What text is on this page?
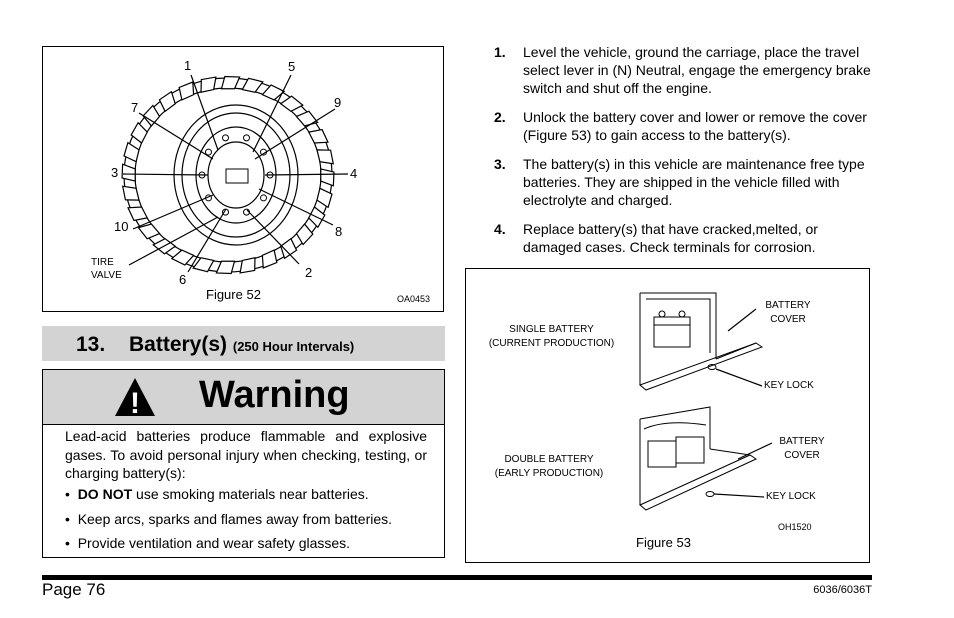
1	5
9
7
3	4
10	8
2
6
TIRE
VALVE
Figure 52	OA0453
13. Battery(s) (250 Hour Intervals)
! Warning
Lead-acid batteries produce flammable and explosive gases. To avoid personal injury when checking, testing, or charging battery(s):
•  DO NOT use smoking materials near batteries.
•  Keep arcs, sparks and flames away from batteries.
•  Provide ventilation and wear safety glasses.
1. Level the vehicle, ground the carriage, place the travel select lever in (N) Neutral, engage the emergency brake switch and shut off the engine.
2. Unlock the battery cover and lower or remove the cover (Figure 53) to gain access to the battery(s).
3. The battery(s) in this vehicle are maintenance free type batteries. They are shipped in the vehicle filled with electrolyte and charged.
4. Replace battery(s) that have cracked,melted, or damaged cases. Check terminals for corrosion.
SINGLE BATTERY
(CURRENT PRODUCTION)
BATTERY
COVER
KEY LOCK
DOUBLE BATTERY
(EARLY PRODUCTION)
BATTERY
COVER
KEY LOCK
OH1520
Figure 53
Page 76	6036/6036T
